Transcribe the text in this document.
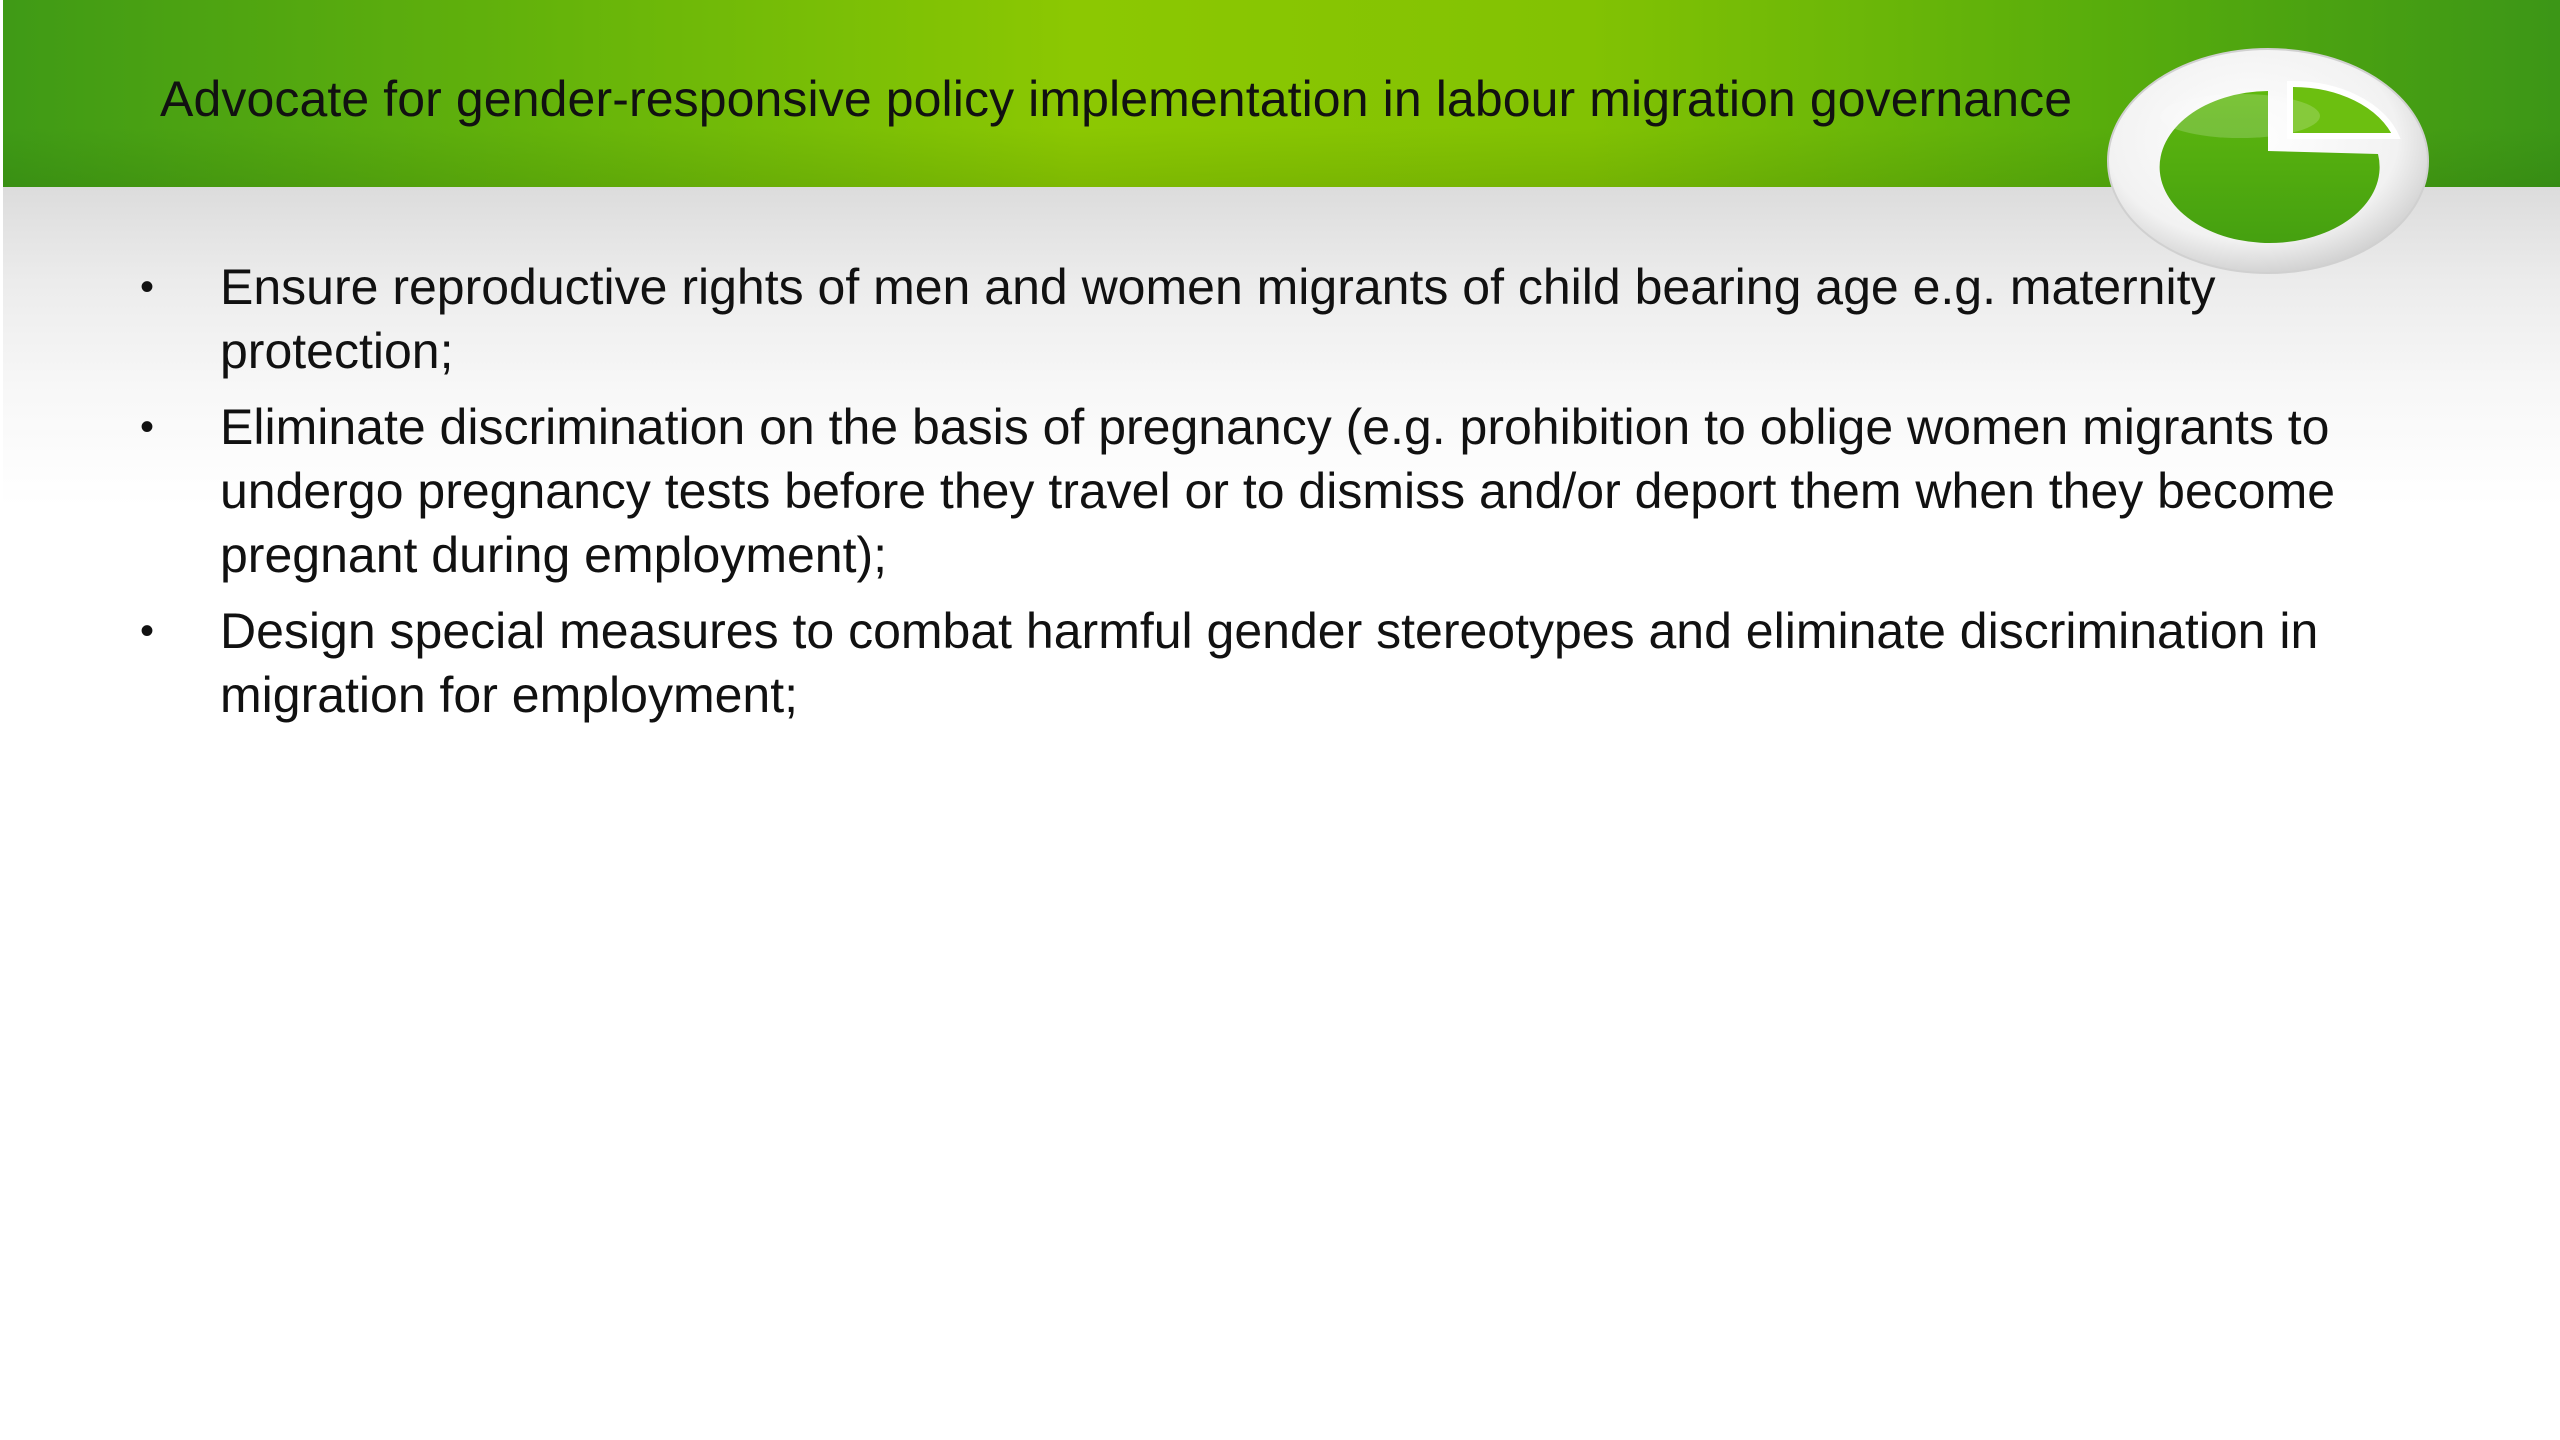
Advocate for gender-responsive policy implementation in labour migration governance
•	Ensure reproductive rights of men and women migrants of child bearing age e.g. maternity protection;
•	Eliminate discrimination on the basis of pregnancy (e.g. prohibition to oblige women migrants to undergo pregnancy tests before they travel or to dismiss and/or deport them when they become pregnant during employment);
•	Design special measures to combat harmful gender stereotypes and eliminate discrimination in migration for employment;
